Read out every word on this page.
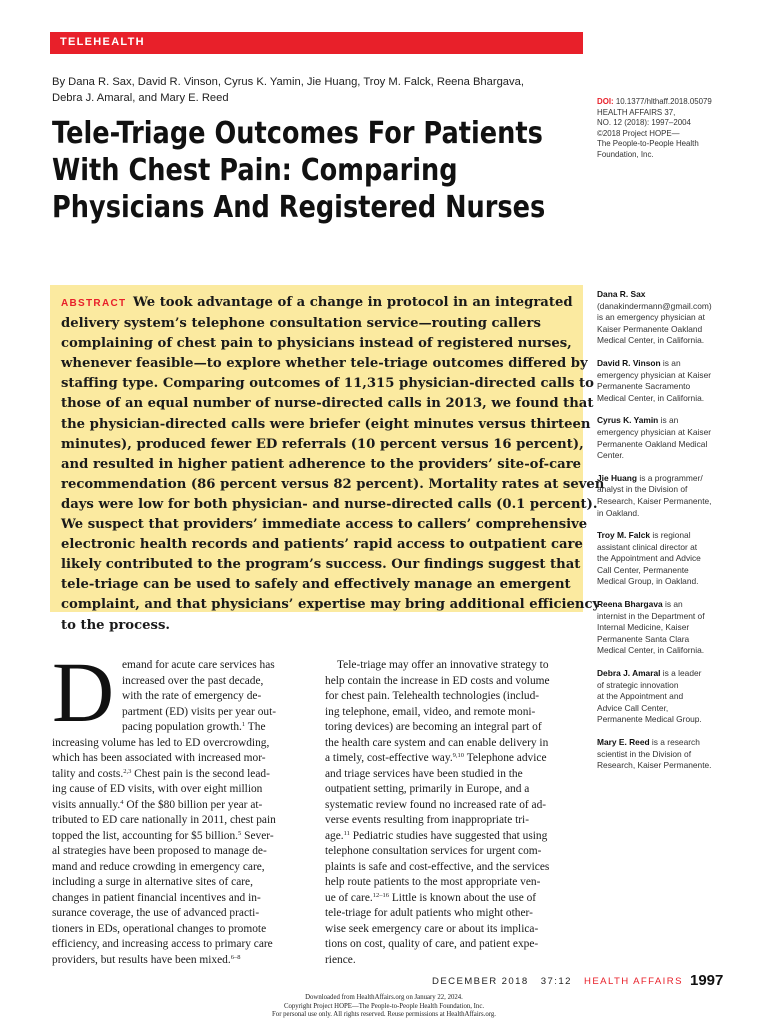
TELEHEALTH
By Dana R. Sax, David R. Vinson, Cyrus K. Yamin, Jie Huang, Troy M. Falck, Reena Bhargava,
Debra J. Amaral, and Mary E. Reed
Tele-Triage Outcomes For Patients
With Chest Pain: Comparing
Physicians And Registered Nurses
DOI: 10.1377/hlthaff.2018.05079
HEALTH AFFAIRS 37,
NO. 12 (2018): 1997–2004
©2018 Project HOPE—
The People-to-People Health
Foundation, Inc.

ABSTRACT We took advantage of a change in protocol in an integrated
delivery system’s telephone consultation service—routing callers
complaining of chest pain to physicians instead of registered nurses,
whenever feasible—to explore whether tele-triage outcomes differed by
staffing type. Comparing outcomes of 11,315 physician-directed calls to
those of an equal number of nurse-directed calls in 2013, we found that
the physician-directed calls were briefer (eight minutes versus thirteen
minutes), produced fewer ED referrals (10 percent versus 16 percent),
and resulted in higher patient adherence to the providers’ site-of-care
recommendation (86 percent versus 82 percent). Mortality rates at seven
days were low for both physician- and nurse-directed calls (0.1 percent).
We suspect that providers’ immediate access to callers’ comprehensive
electronic health records and patients’ rapid access to outpatient care
likely contributed to the program’s success. Our findings suggest that
tele-triage can be used to safely and effectively manage an emergent
complaint, and that physicians’ expertise may bring additional efficiency
to the process.

Dana R. Sax
(danakindermann@gmail.com)
is an emergency physician at
Kaiser Permanente Oakland
Medical Center, in California.
David R. Vinson is an
emergency physician at Kaiser
Permanente Sacramento
Medical Center, in California.
Cyrus K. Yamin is an
emergency physician at Kaiser
Permanente Oakland Medical
Center.
Jie Huang is a programmer/
analyst in the Division of
Research, Kaiser Permanente,
in Oakland.
Troy M. Falck is regional
assistant clinical director at
the Appointment and Advice
Call Center, Permanente
Medical Group, in Oakland.
Reena Bhargava is an
internist in the Department of
Internal Medicine, Kaiser
Permanente Santa Clara
Medical Center, in California.
Debra J. Amaral is a leader
of strategic innovation
at the Appointment and
Advice Call Center,
Permanente Medical Group.
Mary E. Reed is a research
scientist in the Division of
Research, Kaiser Permanente.
D emand for acute care services has
increased over the past decade,
with the rate of emergency de-
partment (ED) visits per year out-
pacing population growth.$^1$ The
increasing volume has led to ED overcrowding,
which has been associated with increased mor-
tality and costs.$^{2,3}$ Chest pain is the second lead-
ing cause of ED visits, with over eight million
visits annually.$^4$ Of the $80 billion per year at-
tributed to ED care nationally in 2011, chest pain
topped the list, accounting for $5 billion.$^5$ Sever-
al strategies have been proposed to manage de-
mand and reduce crowding in emergency care,
including a surge in alternative sites of care,
changes in patient financial incentives and in-
surance coverage, the use of advanced practi-
tioners in EDs, operational changes to promote
efficiency, and increasing access to primary care
providers, but results have been mixed.$^{6-8}$
Tele-triage may offer an innovative strategy to
help contain the increase in ED costs and volume
for chest pain. Telehealth technologies (includ-
ing telephone, email, video, and remote moni-
toring devices) are becoming an integral part of
the health care system and can enable delivery in
a timely, cost-effective way.$^{9,10}$ Telephone advice
and triage services have been studied in the
outpatient setting, primarily in Europe, and a
systematic review found no increased rate of ad-
verse events resulting from inappropriate tri-
age.$^{11}$ Pediatric studies have suggested that using
telephone consultation services for urgent com-
plaints is safe and cost-effective, and the services
help route patients to the most appropriate ven-
ue of care.$^{12-16}$ Little is known about the use of
tele-triage for adult patients who might other-
wise seek emergency care or about its implica-
tions on cost, quality of care, and patient expe-
rience.
DECEMBER 2018 37:12 HEALTH AFFAIRS 1997
Downloaded from HealthAffairs.org on January 22, 2024.
Copyright Project HOPE—The People-to-People Health Foundation, Inc.
For personal use only. All rights reserved. Reuse permissions at HealthAffairs.org.
